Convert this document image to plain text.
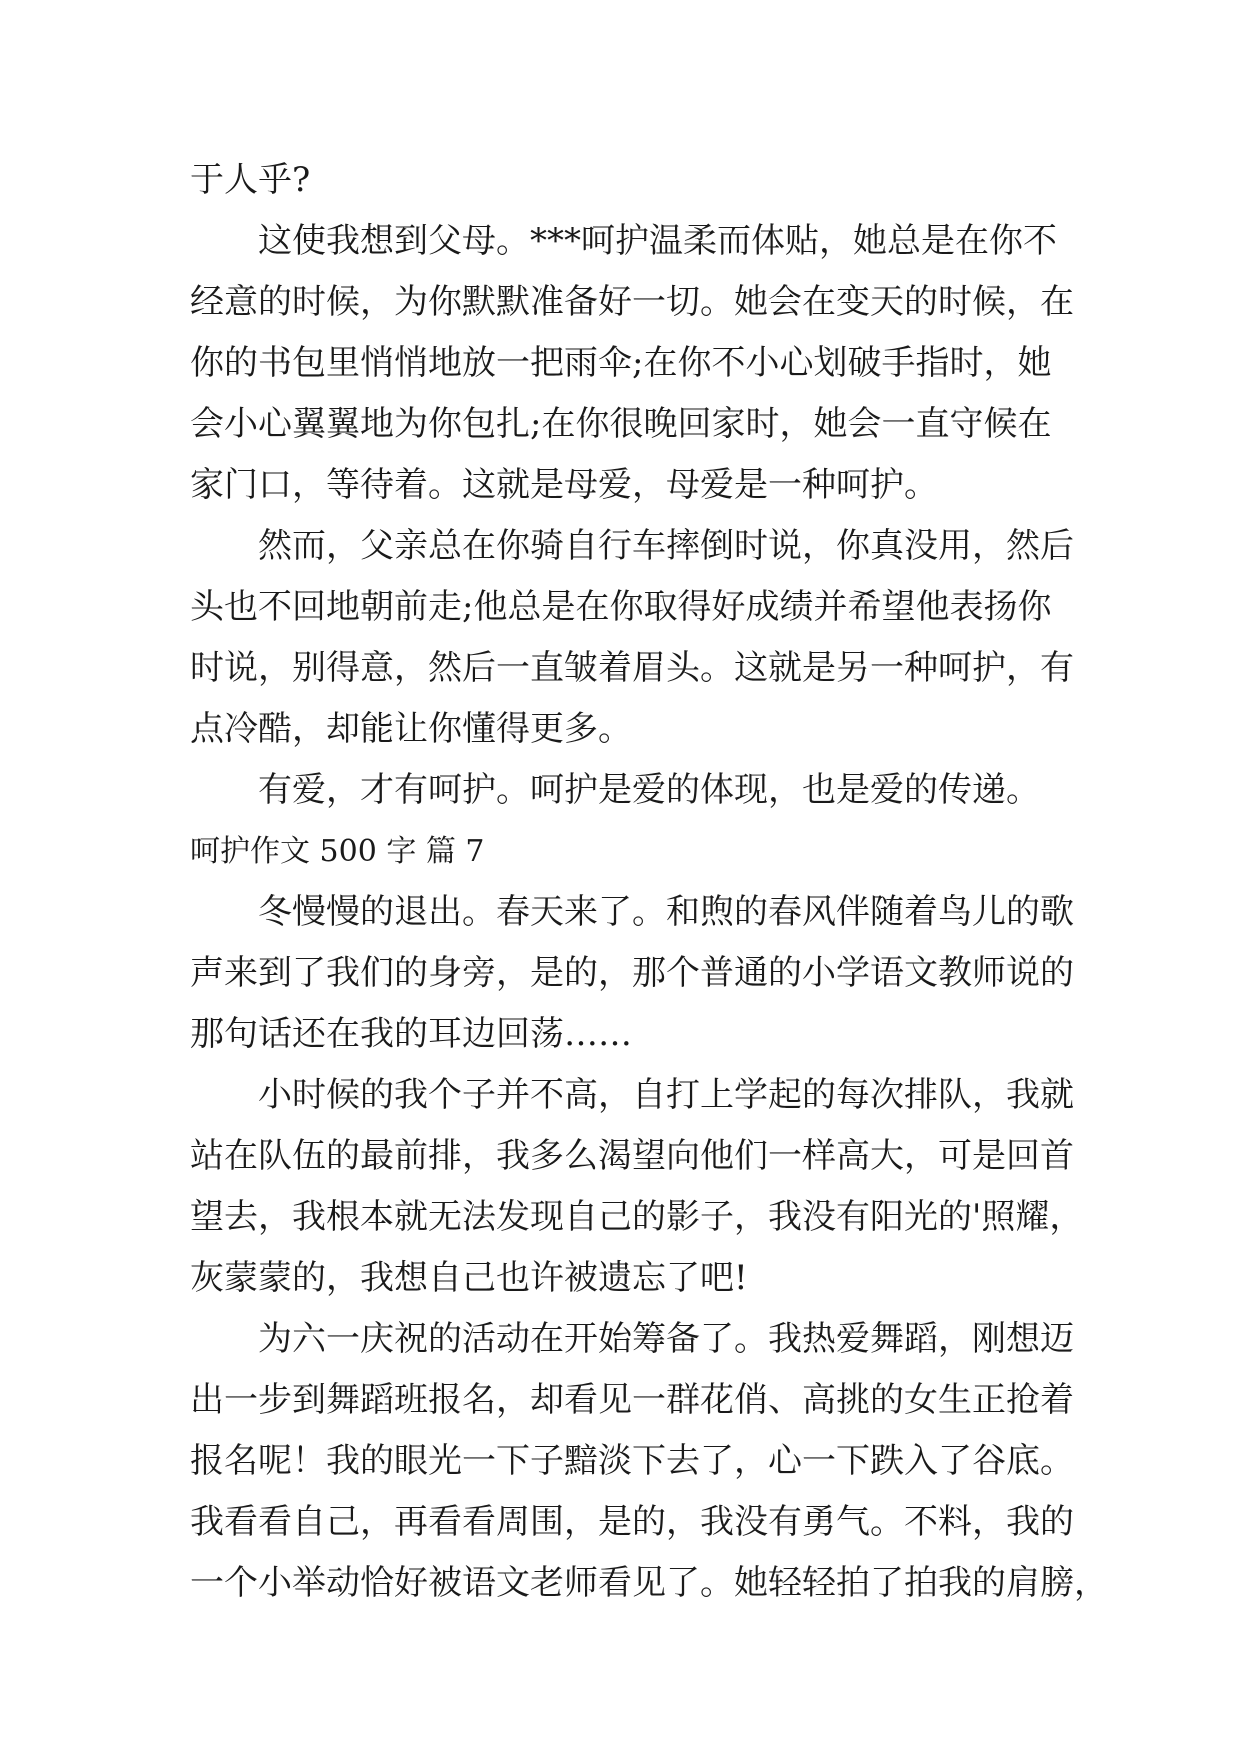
于人乎?
这使我想到父母。***呵护温柔而体贴，她总是在你不
经意的时候，为你默默准备好一切。她会在变天的时候，在
你的书包里悄悄地放一把雨伞;在你不小心划破手指时，她
会小心翼翼地为你包扎;在你很晚回家时，她会一直守候在
家门口，等待着。这就是母爱，母爱是一种呵护。
然而，父亲总在你骑自行车摔倒时说，你真没用，然后
头也不回地朝前走;他总是在你取得好成绩并希望他表扬你
时说，别得意，然后一直皱着眉头。这就是另一种呵护，有
点冷酷，却能让你懂得更多。
有爱，才有呵护。呵护是爱的体现，也是爱的传递。
呵护作文 500 字 篇 7
冬慢慢的退出。春天来了。和煦的春风伴随着鸟儿的歌
声来到了我们的身旁，是的，那个普通的小学语文教师说的
那句话还在我的耳边回荡……
小时候的我个子并不高，自打上学起的每次排队，我就
站在队伍的最前排，我多么渴望向他们一样高大，可是回首
望去，我根本就无法发现自己的影子，我没有阳光的'照耀，
灰蒙蒙的，我想自己也许被遗忘了吧!
为六一庆祝的活动在开始筹备了。我热爱舞蹈，刚想迈
出一步到舞蹈班报名，却看见一群花俏、高挑的女生正抢着
报名呢！我的眼光一下子黯淡下去了，心一下跌入了谷底。
我看看自己，再看看周围，是的，我没有勇气。不料，我的
一个小举动恰好被语文老师看见了。她轻轻拍了拍我的肩膀，
